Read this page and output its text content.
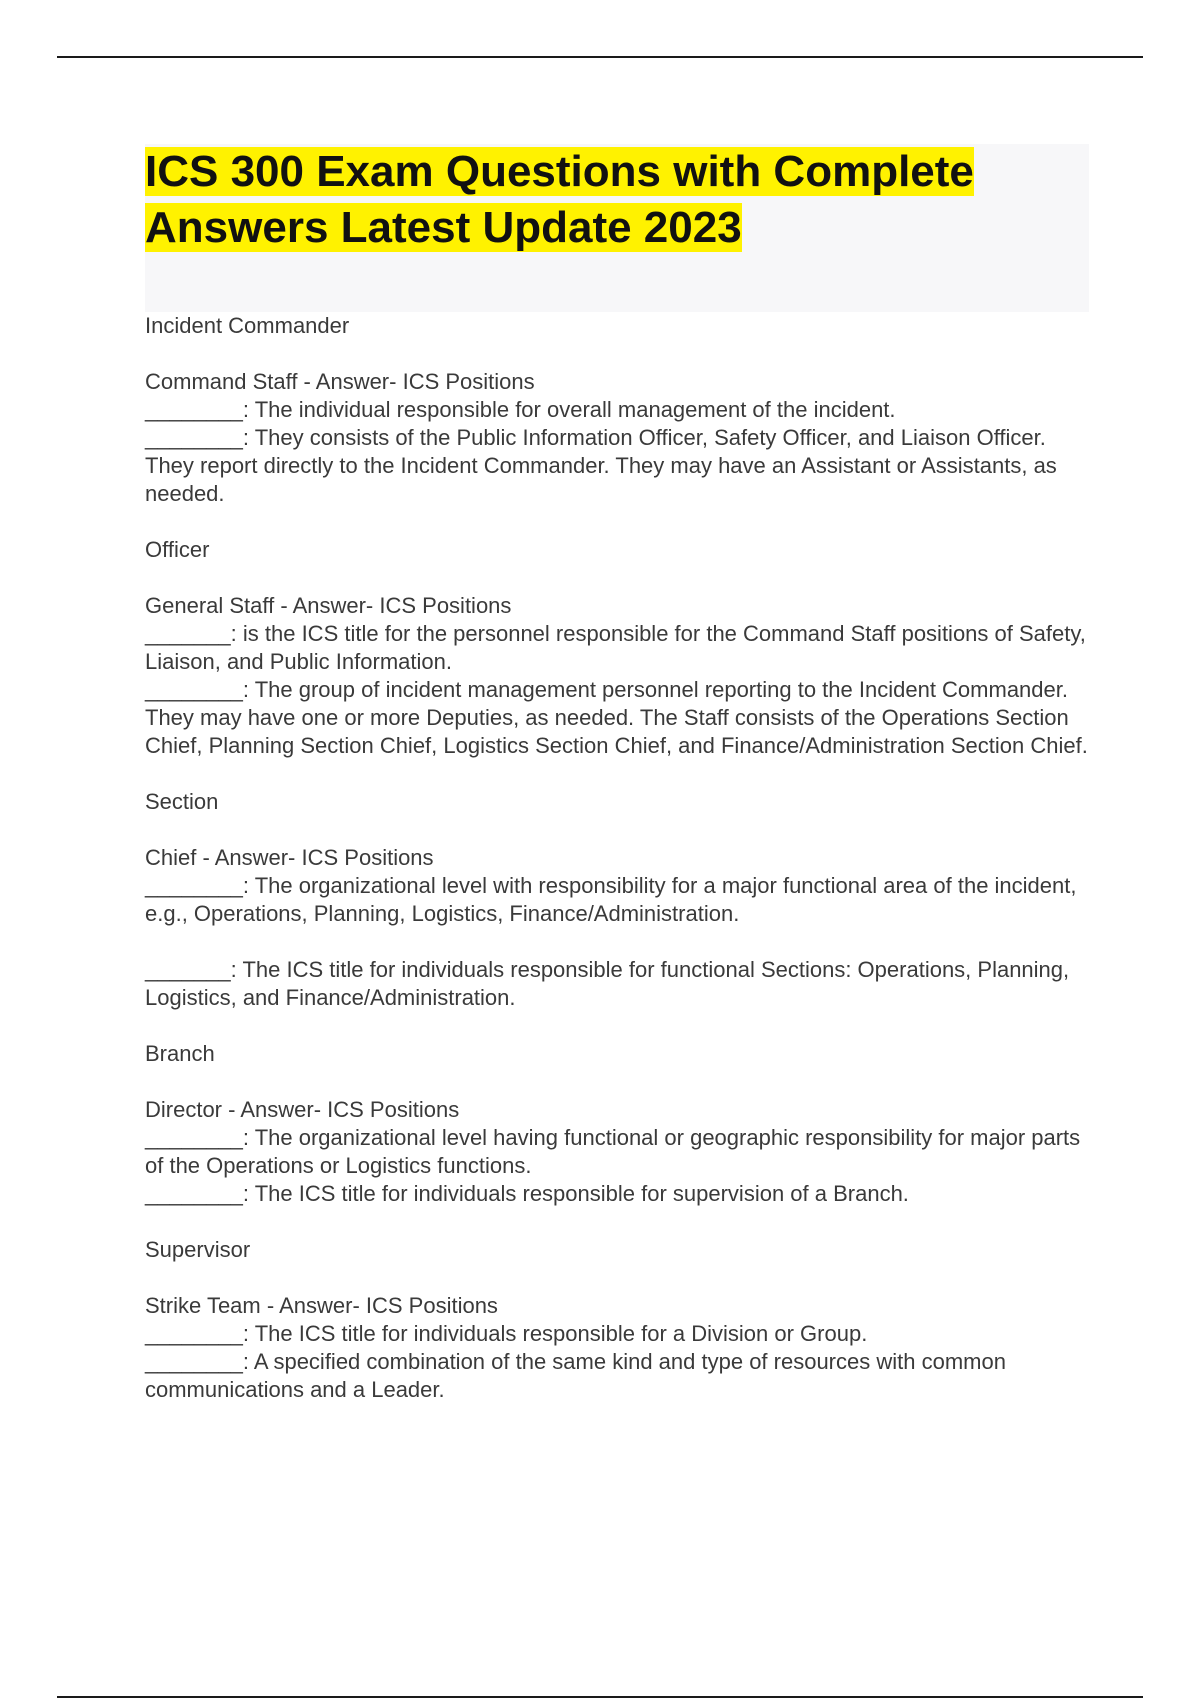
ICS 300 Exam Questions with Complete
Answers Latest Update 2023

Incident Commander

Command Staff - Answer- ICS Positions
________: The individual responsible for overall management of the incident.
________: They consists of the Public Information Officer, Safety Officer, and Liaison Officer. They report directly to the Incident Commander. They may have an Assistant or Assistants, as needed.

Officer

General Staff - Answer- ICS Positions
_______: is the ICS title for the personnel responsible for the Command Staff positions of Safety, Liaison, and Public Information.
________: The group of incident management personnel reporting to the Incident Commander. They may have one or more Deputies, as needed. The Staff consists of the Operations Section Chief, Planning Section Chief, Logistics Section Chief, and Finance/Administration Section Chief.

Section

Chief - Answer- ICS Positions
________: The organizational level with responsibility for a major functional area of the incident, e.g., Operations, Planning, Logistics, Finance/Administration.
_______: The ICS title for individuals responsible for functional Sections: Operations, Planning, Logistics, and Finance/Administration.

Branch

Director - Answer- ICS Positions
________: The organizational level having functional or geographic responsibility for major parts of the Operations or Logistics functions.
________: The ICS title for individuals responsible for supervision of a Branch.

Supervisor

Strike Team - Answer- ICS Positions
________: The ICS title for individuals responsible for a Division or Group.
________: A specified combination of the same kind and type of resources with common communications and a Leader.
